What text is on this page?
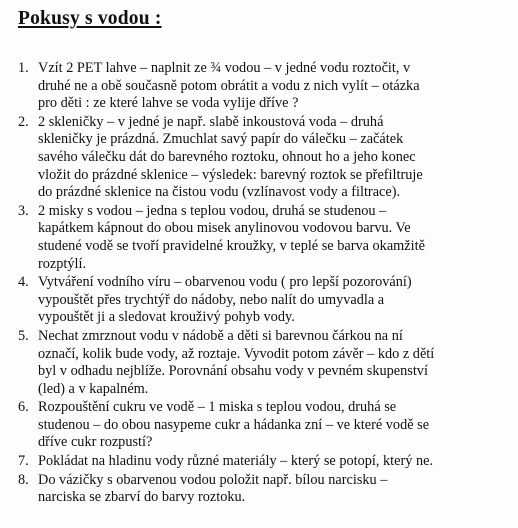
Pokusy s vodou :
1. Vzít 2 PET lahve – naplnit ze ¾ vodou – v jedné vodu roztočit, v
druhé ne a obě současně potom obrátit a vodu z nich vylít – otázka
pro děti : ze které lahve se voda vylije dříve ?
2. 2 skleničky – v jedné je např. slabě inkoustová voda – druhá
skleničky je prázdná. Zmuchlat savý papír do válečku – začátek
savého válečku dát do barevného roztoku, ohnout ho a jeho konec
vložit do prázdné sklenice – výsledek: barevný roztok se přefiltruje
do prázdné sklenice na čistou vodu (vzlínavost vody a filtrace).
3. 2 misky s vodou – jedna s teplou vodou, druhá se studenou –
kapátkem kápnout do obou misek anylinovou vodovou barvu. Ve
studené vodě se tvoří pravidelné kroužky, v teplé se barva okamžitě
rozptýlí.
4. Vytváření vodního víru – obarvenou vodu ( pro lepší pozorování)
vypouštět přes trychtýř do nádoby, nebo nalít do umyvadla a
vypouštět ji a sledovat krouživý pohyb vody.
5. Nechat zmrznout vodu v nádobě a děti si barevnou čárkou na ní
označí, kolik bude vody, až roztaje. Vyvodit potom závěr – kdo z dětí
byl v odhadu nejblíže. Porovnání obsahu vody v pevném skupenství
(led) a v kapalném.
6. Rozpouštění cukru ve vodě – 1 miska s teplou vodou, druhá se
studenou – do obou nasypeme cukr a hádanka zní – ve které vodě se
dříve cukr rozpustí?
7. Pokládat na hladinu vody různé materiály – který se potopí, který ne.
8. Do vázičky s obarvenou vodou položit např. bílou narcisku –
narciska se zbarví do barvy roztoku.
